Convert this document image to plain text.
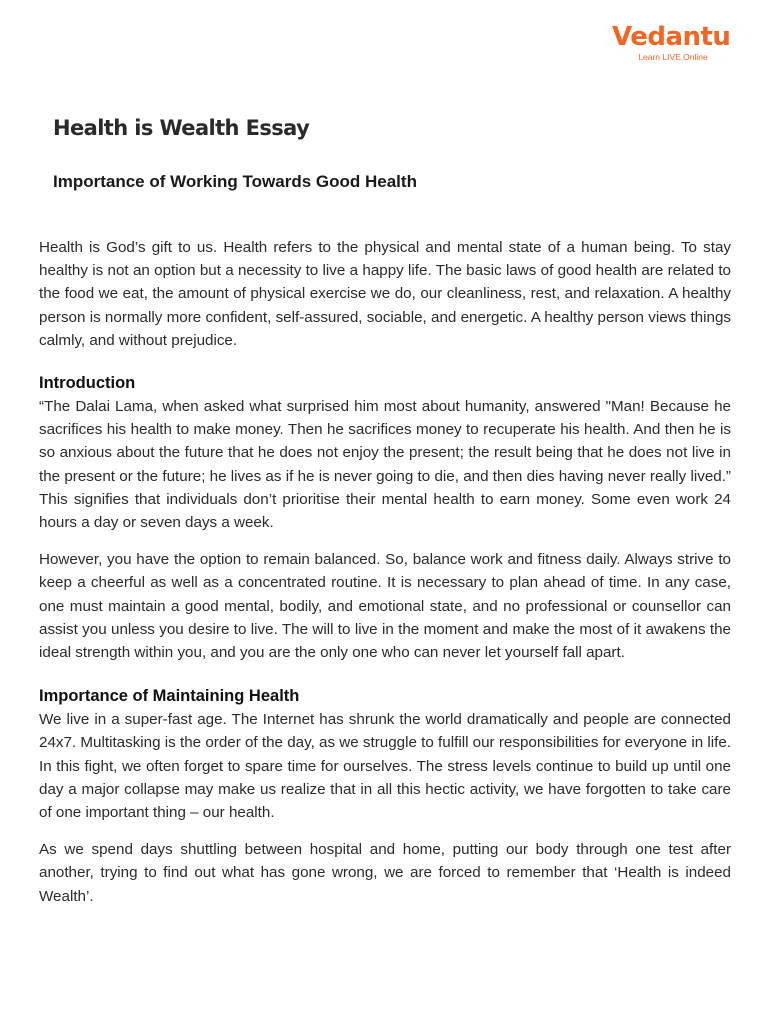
Vedantu
Learn LIVE Online
Health is Wealth Essay
Importance of Working Towards Good Health

Health is God’s gift to us. Health refers to the physical and mental state of a human being. To stay healthy is not an option but a necessity to live a happy life. The basic laws of good health are related to the food we eat, the amount of physical exercise we do, our cleanliness, rest, and relaxation. A healthy person is normally more confident, self-assured, sociable, and energetic. A healthy person views things calmly, and without prejudice.

Introduction

“The Dalai Lama, when asked what surprised him most about humanity, answered "Man! Because he sacrifices his health to make money. Then he sacrifices money to recuperate his health. And then he is so anxious about the future that he does not enjoy the present; the result being that he does not live in the present or the future; he lives as if he is never going to die, and then dies having never really lived.” This signifies that individuals don’t prioritise their mental health to earn money. Some even work 24 hours a day or seven days a week.

However, you have the option to remain balanced. So, balance work and fitness daily. Always strive to keep a cheerful as well as a concentrated routine. It is necessary to plan ahead of time. In any case, one must maintain a good mental, bodily, and emotional state, and no professional or counsellor can assist you unless you desire to live. The will to live in the moment and make the most of it awakens the ideal strength within you, and you are the only one who can never let yourself fall apart.

Importance of Maintaining Health

We live in a super-fast age. The Internet has shrunk the world dramatically and people are connected 24x7. Multitasking is the order of the day, as we struggle to fulfill our responsibilities for everyone in life. In this fight, we often forget to spare time for ourselves. The stress levels continue to build up until one day a major collapse may make us realize that in all this hectic activity, we have forgotten to take care of one important thing – our health.

As we spend days shuttling between hospital and home, putting our body through one test after another, trying to find out what has gone wrong, we are forced to remember that ‘Health is indeed Wealth’.
